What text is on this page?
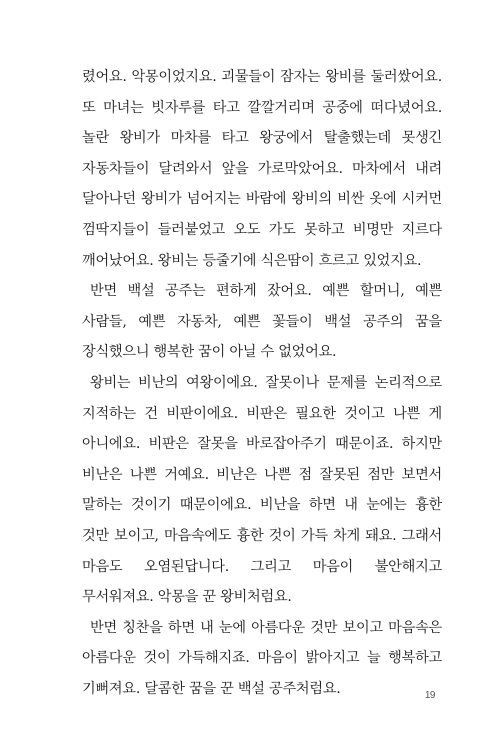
렸어요. 악몽이었지요. 괴물들이 잠자는 왕비를 둘러쌌어요. 또 마녀는 빗자루를 타고 깔깔거리며 공중에 떠다녔어요. 놀란 왕비가 마차를 타고 왕궁에서 탈출했는데 못생긴 자동차들이 달려와서 앞을 가로막았어요. 마차에서 내려 달아나던 왕비가 넘어지는 바람에 왕비의 비싼 옷에 시커먼 껌딱지들이 들러붙었고 오도 가도 못하고 비명만 지르다 깨어났어요. 왕비는 등줄기에 식은땀이 흐르고 있었지요.

반면 백설 공주는 편하게 잤어요. 예쁜 할머니, 예쁜 사람들, 예쁜 자동차, 예쁜 꽃들이 백설 공주의 꿈을 장식했으니 행복한 꿈이 아닐 수 없었어요.

왕비는 비난의 여왕이에요. 잘못이나 문제를 논리적으로 지적하는 건 비판이에요. 비판은 필요한 것이고 나쁜 게 아니에요. 비판은 잘못을 바로잡아주기 때문이죠. 하지만 비난은 나쁜 거예요. 비난은 나쁜 점 잘못된 점만 보면서 말하는 것이기 때문이에요. 비난을 하면 내 눈에는 흉한 것만 보이고, 마음속에도 흉한 것이 가득 차게 돼요. 그래서 마음도 오염된답니다. 그리고 마음이 불안해지고 무서워져요. 악몽을 꾼 왕비처럼요.

반면 칭찬을 하면 내 눈에 아름다운 것만 보이고 마음속은 아름다운 것이 가득해지죠. 마음이 밝아지고 늘 행복하고 기뻐져요. 달콤한 꿈을 꾼 백설 공주처럼요.	19
